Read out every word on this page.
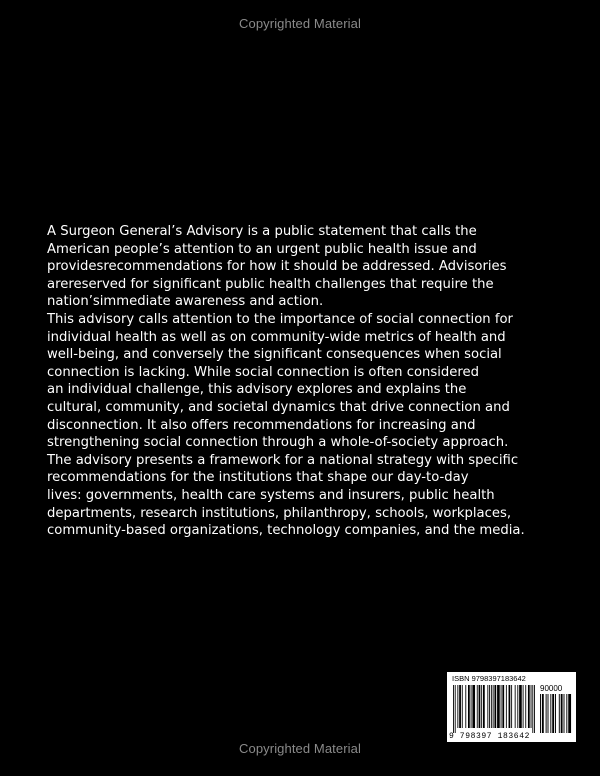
Copyrighted Material
A Surgeon General’s Advisory is a public statement that calls the
American people’s attention to an urgent public health issue and
providesrecommendations for how it should be addressed. Advisories
arereserved for significant public health challenges that require the
nation’simmediate awareness and action.
This advisory calls attention to the importance of social connection for
individual health as well as on community-wide metrics of health and
well-being, and conversely the significant consequences when social
connection is lacking. While social connection is often considered
an individual challenge, this advisory explores and explains the
cultural, community, and societal dynamics that drive connection and
disconnection. It also offers recommendations for increasing and
strengthening social connection through a whole-of-society approach.
The advisory presents a framework for a national strategy with specific
recommendations for the institutions that shape our day-to-day
lives: governments, health care systems and insurers, public health
departments, research institutions, philanthropy, schools, workplaces,
community-based organizations, technology companies, and the media.
ISBN 9798397183642
90000
9 798397 183642
Copyrighted Material
